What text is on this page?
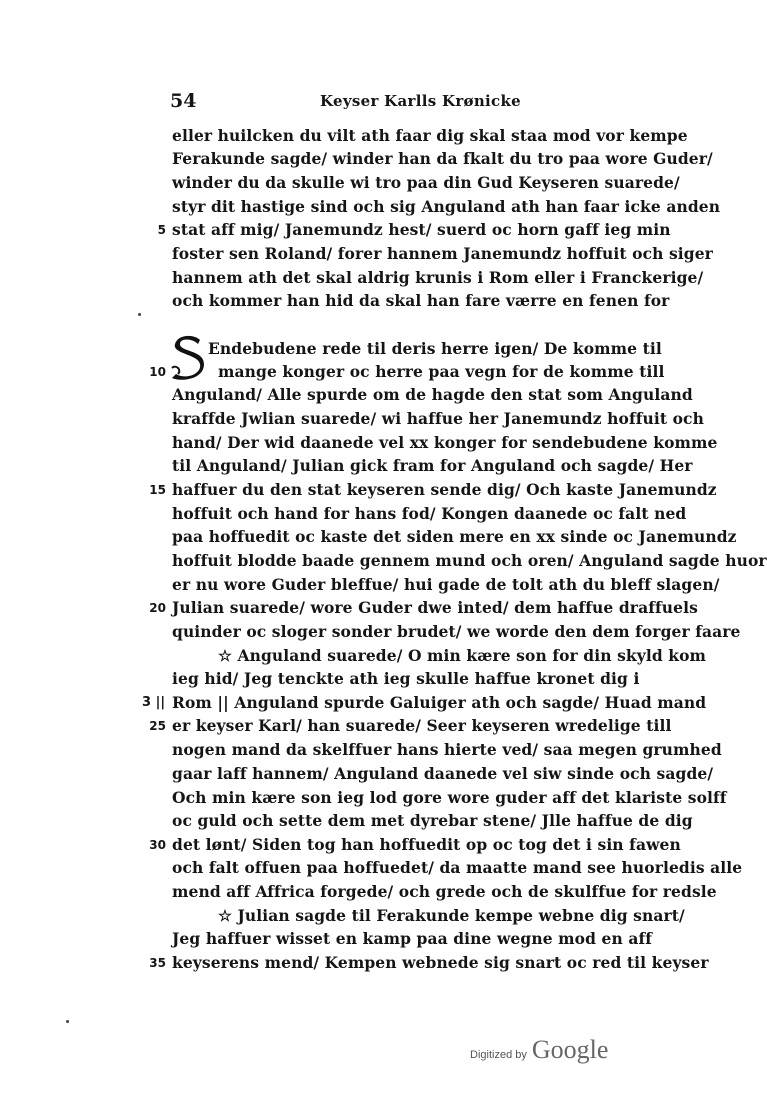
54	Keyser Karlls Krønicke
eller huilcken du vilt ath faar dig skal staa mod vor kempe
Ferakunde sagde/ winder han da fkalt du tro paa wore Guder/
winder du da skulle wi tro paa din Gud Keyseren suarede/
styr dit hastige sind och sig Anguland ath han faar icke anden
stat aff mig/ Janemundz hest/ suerd oc horn gaff ieg min
foster sen Roland/ forer hannem Janemundz hoffuit och siger
hannem ath det skal aldrig krunis i Rom eller i Franckerige/
och kommer han hid da skal han fare værre en fenen for
Endebudene rede til deris herre igen/ De komme til
mange konger oc herre paa vegn for de komme till
Anguland/ Alle spurde om de hagde den stat som Anguland
kraffde Jwlian suarede/ wi haffue her Janemundz hoffuit och
hand/ Der wid daanede vel xx konger for sendebudene komme
til Anguland/ Julian gick fram for Anguland och sagde/ Her
haffuer du den stat keyseren sende dig/ Och kaste Janemundz
hoffuit och hand for hans fod/ Kongen daanede oc falt ned
paa hoffuedit oc kaste det siden mere en xx sinde oc Janemundz
hoffuit blodde baade gennem mund och oren/ Anguland sagde huor
er nu wore Guder bleffue/ hui gade de tolt ath du bleff slagen/
Julian suarede/ wore Guder dwe inted/ dem haffue draffuels
quinder oc sloger sonder brudet/ we worde den dem forger faare
☆ Anguland suarede/ O min kære son for din skyld kom
ieg hid/ Jeg tenckte ath ieg skulle haffue kronet dig i
Rom || Anguland spurde Galuiger ath och sagde/ Huad mand
er keyser Karl/ han suarede/ Seer keyseren wredelige till
nogen mand da skelffuer hans hierte ved/ saa megen grumhed
gaar laff hannem/ Anguland daanede vel siw sinde och sagde/
Och min kære son ieg lod gore wore guder aff det klariste solff
oc guld och sette dem met dyrebar stene/ Jlle haffue de dig
det lønt/ Siden tog han hoffuedit op oc tog det i sin fawen
och falt offuen paa hoffuedet/ da maatte mand see huorledis alle
mend aff Affrica forgede/ och grede och de skulffue for redsle
☆ Julian sagde til Ferakunde kempe webne dig snart/
Jeg haffuer wisset en kamp paa dine wegne mod en aff
keyserens mend/ Kempen webnede sig snart oc red til keyser
5
10
15
20
25
30
35
3 ||
Digitized by Google
